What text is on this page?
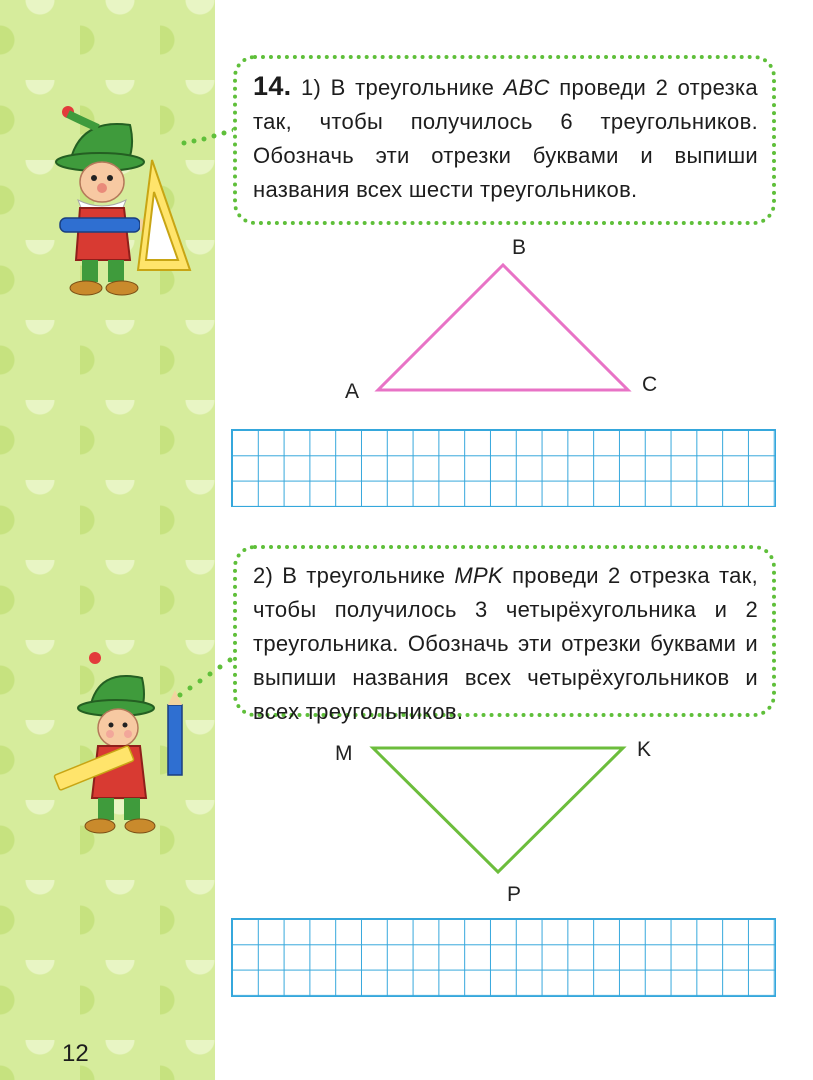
14. 1) В треугольнике ABC проведи 2 отрезка так, чтобы получилось 6 треугольников. Обозначь эти отрезки буквами и выпиши названия всех шести треугольников.

B
A	C

2) В треугольнике MPK проведи 2 отрезка так, чтобы получилось 3 четырёхугольника и 2 треугольника. Обозначь эти отрезки буквами и выпиши названия всех четырёхугольников и всех треугольников.

M	K
P
12
